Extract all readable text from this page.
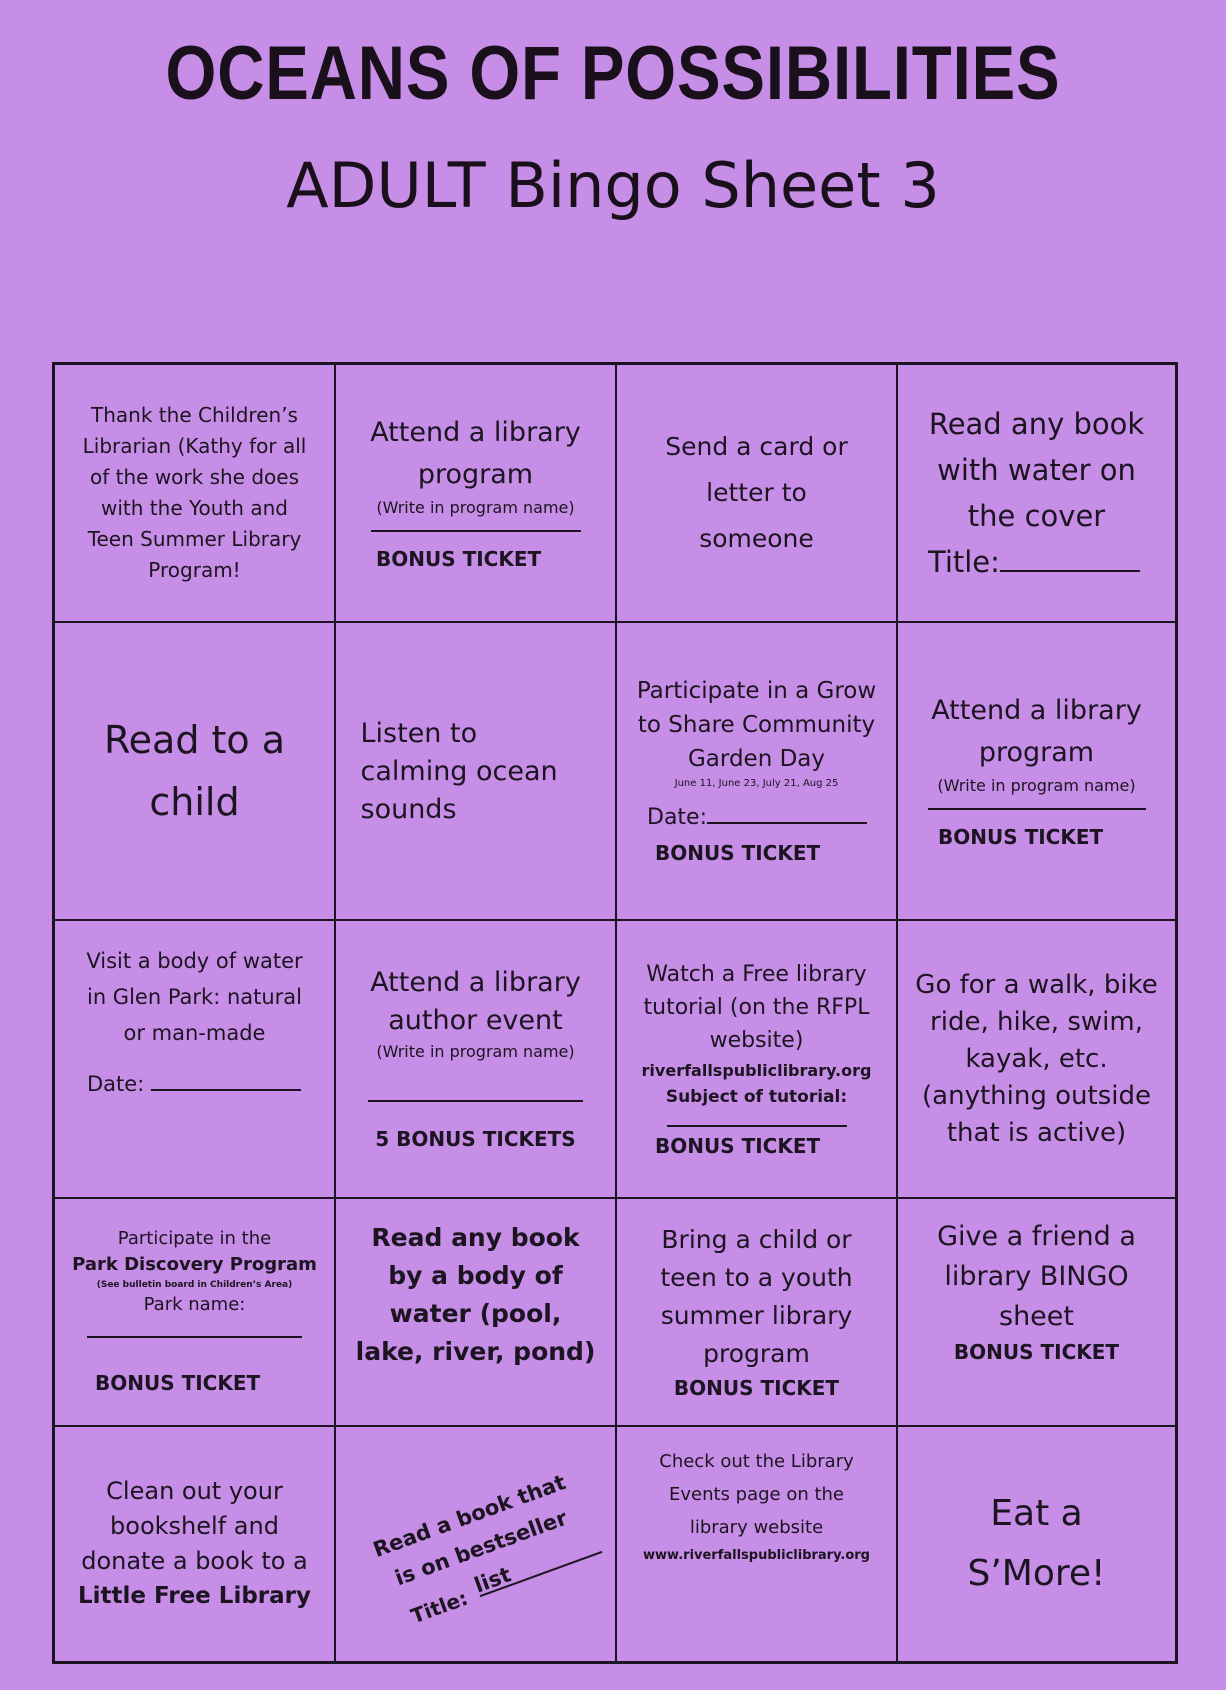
OCEANS OF POSSIBILITIES
ADULT Bingo Sheet 3
Thank the Children’s Librarian (Kathy for all of the work she does with the Youth and Teen Summer Library Program!
Attend a library program
(Write in program name)
BONUS TICKET
Send a card or letter to someone
Read any book with water on the cover
Title:
Read to a child
Listen to calming ocean sounds
Participate in a Grow to Share Community Garden Day
June 11, June 23, July 21, Aug 25
Date:
BONUS TICKET
Attend a library program
(Write in program name)
BONUS TICKET
Visit a body of water in Glen Park: natural or man-made
Date:
Attend a library author event
(Write in program name)
5 BONUS TICKETS
Watch a Free library tutorial (on the RFPL website)
riverfallspubliclibrary.org
Subject of tutorial:
BONUS TICKET
Go for a walk, bike ride, hike, swim, kayak, etc. (anything outside that is active)
Participate in the
Park Discovery Program
(See bulletin board in Children’s Area)
Park name:
BONUS TICKET
Read any book by a body of water (pool, lake, river, pond)
Bring a child or teen to a youth summer library program
BONUS TICKET
Give a friend a library BINGO sheet
BONUS TICKET
Clean out your bookshelf and donate a book to a Little Free Library
Read a book that is on bestseller list
Title:
Check out the Library Events page on the library website
www.riverfallspubliclibrary.org
Eat a S’More!
